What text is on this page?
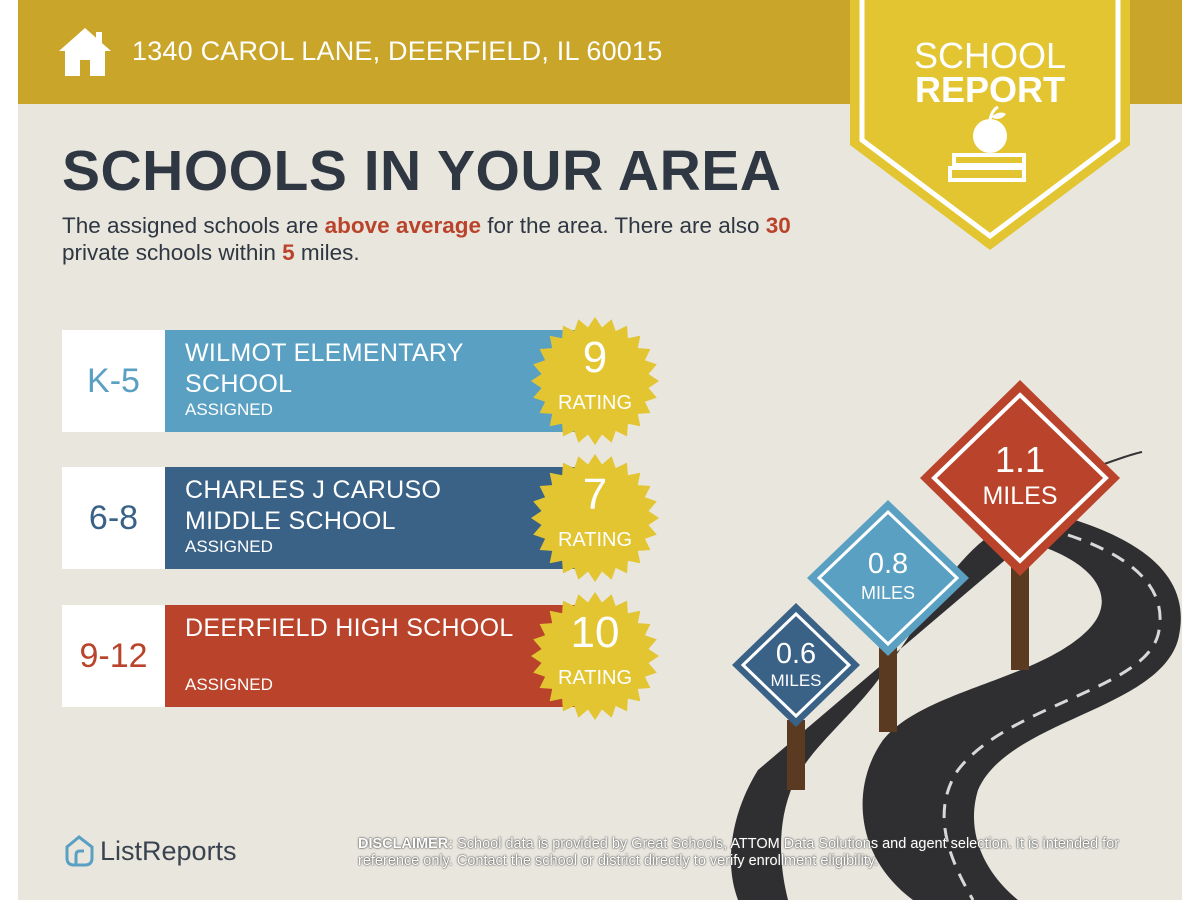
1340 CAROL LANE, DEERFIELD, IL 60015	SCHOOL
REPORT
SCHOOLS IN YOUR AREA
The assigned schools are above average for the area. There are also 30 private schools within 5 miles.
0.6
MILES
0.8
MILES
1.1
MILES
K-5
WILMOT ELEMENTARY SCHOOL
ASSIGNED
9
RATING
6-8
CHARLES J CARUSO MIDDLE SCHOOL
ASSIGNED
7
RATING
9-12
DEERFIELD HIGH SCHOOL
ASSIGNED
10
RATING
ListReports	DISCLAIMER: School data is provided by Great Schools, ATTOM Data Solutions and agent selection. It is intended for reference only. Contact the school or district directly to verify enrollment eligibility.
